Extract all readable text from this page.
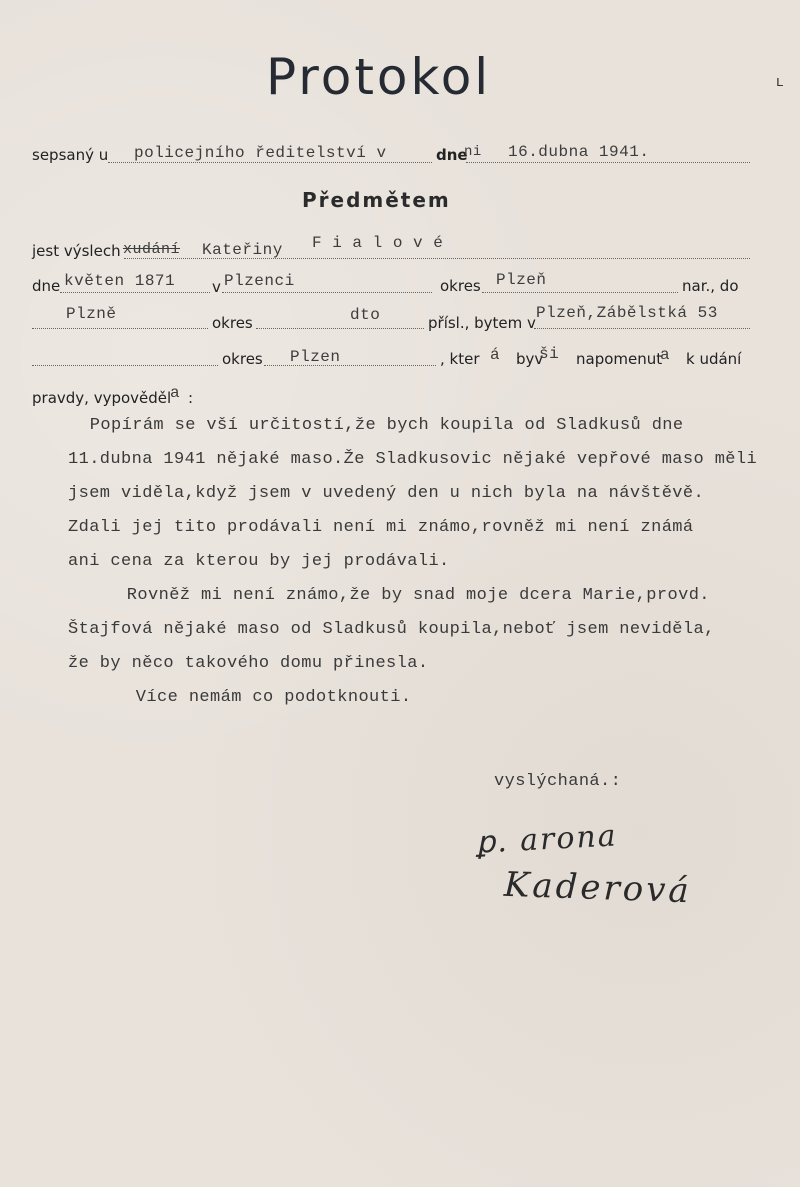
Protokol	ʟ
sepsaný u policejního ředitelství v	dne
ni 16.dubna 1941.
Předmětem
jest výslech xudání Kateřiny F i a l o v é
dne květen 1871 v Plzenci	okres Plzeň	nar., do
Plzně	okres	dto	přísl., bytem v
Plzeň,Zábělstká 53
okres Plzen	, kter á byv
ši napomenut
a k udání
pravdy, vypověděl
a :
Popírám se vší určitostí,že bych koupila od Sladkusů dne
11.dubna 1941 nějaké maso.Že Sladkusovic nějaké vepřové maso měli
jsem viděla,když jsem v uvedený den u nich byla na návštěvě.
Zdali jej tito prodávali není mi známo,rovněž mi není známá
ani cena za kterou by jej prodávali.
Rovněž mi není známo,že by snad moje dcera Marie,provd.
Štajfová nějaké maso od Sladkusů koupila,neboť jsem neviděla,
že by něco takového domu přinesla.
Více nemám co podotknouti.
vyslýchaná.:
ꝑ. arona
Kaderová
